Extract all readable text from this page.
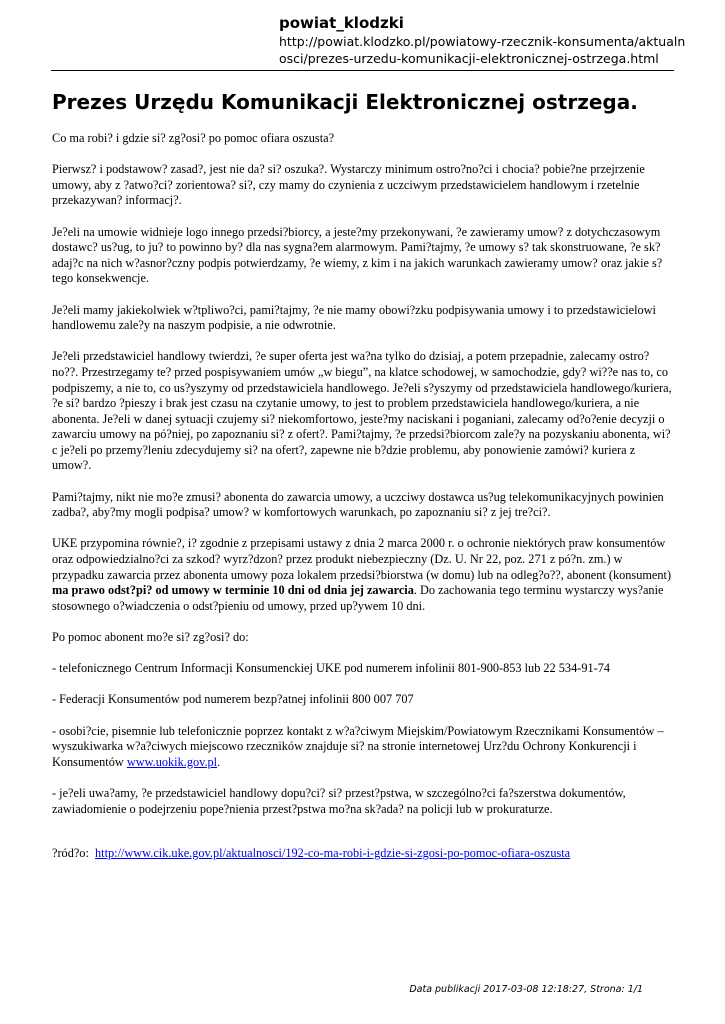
powiat_klodzki
http://powiat.klodzko.pl/powiatowy-rzecznik-konsumenta/aktualnosci/prezes-urzedu-komunikacji-elektronicznej-ostrzega.html
Prezes Urzędu Komunikacji Elektronicznej ostrzega.

Co ma robi? i gdzie si? zg?osi? po pomoc ofiara oszusta?

Pierwsz? i podstawow? zasad?, jest nie da? si? oszuka?. Wystarczy minimum ostro?no?ci i chocia? pobie?ne przejrzenie umowy, aby z ?atwo?ci? zorientowa? si?, czy mamy do czynienia z uczciwym przedstawicielem handlowym i rzetelnie przekazywan? informacj?.

Je?eli na umowie widnieje logo innego przedsi?biorcy, a jeste?my przekonywani, ?e zawieramy umow? z dotychczasowym dostawc? us?ug, to ju? to powinno by? dla nas sygna?em alarmowym. Pami?tajmy, ?e umowy s? tak skonstruowane, ?e sk?adaj?c na nich w?asnor?czny podpis potwierdzamy, ?e wiemy, z kim i na jakich warunkach zawieramy umow? oraz jakie s? tego konsekwencje.

Je?eli mamy jakiekolwiek w?tpliwo?ci, pami?tajmy, ?e nie mamy obowi?zku podpisywania umowy i to przedstawicielowi handlowemu zale?y na naszym podpisie, a nie odwrotnie.

Je?eli przedstawiciel handlowy twierdzi, ?e super oferta jest wa?na tylko do dzisiaj, a potem przepadnie, zalecamy ostro?no??. Przestrzegamy te? przed pospisywaniem umów „w biegu”, na klatce schodowej, w samochodzie, gdy? wi??e nas to, co podpiszemy, a nie to, co us?yszymy od przedstawiciela handlowego. Je?eli s?yszymy od przedstawiciela handlowego/kuriera, ?e si? bardzo ?pieszy i brak jest czasu na czytanie umowy, to jest to problem przedstawiciela handlowego/kuriera, a nie abonenta. Je?eli w danej sytuacji czujemy si? niekomfortowo, jeste?my naciskani i poganiani, zalecamy od?o?enie decyzji o zawarciu umowy na pó?niej, po zapoznaniu si? z ofert?. Pami?tajmy, ?e przedsi?biorcom zale?y na pozyskaniu abonenta, wi?c je?eli po przemy?leniu zdecydujemy si? na ofert?, zapewne nie b?dzie problemu, aby ponowienie zamówi? kuriera z umow?.

Pami?tajmy, nikt nie mo?e zmusi? abonenta do zawarcia umowy, a uczciwy dostawca us?ug telekomunikacyjnych powinien zadba?, aby?my mogli podpisa? umow? w komfortowych warunkach, po zapoznaniu si? z jej tre?ci?.

UKE przypomina równie?, i? zgodnie z przepisami ustawy z dnia 2 marca 2000 r. o ochronie niektórych praw konsumentów oraz odpowiedzialno?ci za szkod? wyrz?dzon? przez produkt niebezpieczny (Dz. U. Nr 22, poz. 271 z pó?n. zm.) w przypadku zawarcia przez abonenta umowy poza lokalem przedsi?biorstwa (w domu) lub na odleg?o??, abonent (konsument) ma prawo odst?pi? od umowy w terminie 10 dni od dnia jej zawarcia. Do zachowania tego terminu wystarczy wys?anie stosownego o?wiadczenia o odst?pieniu od umowy, przed up?ywem 10 dni.

Po pomoc abonent mo?e si? zg?osi? do:

- telefonicznego Centrum Informacji Konsumenckiej UKE pod numerem infolinii 801-900-853 lub 22 534-91-74

- Federacji Konsumentów pod numerem bezp?atnej infolinii 800 007 707

- osobi?cie, pisemnie lub telefonicznie poprzez kontakt z w?a?ciwym Miejskim/Powiatowym Rzecznikami Konsumentów – wyszukiwarka w?a?ciwych miejscowo rzeczników znajduje si? na stronie internetowej Urz?du Ochrony Konkurencji i Konsumentów www.uokik.gov.pl.

- je?eli uwa?amy, ?e przedstawiciel handlowy dopu?ci? si? przest?pstwa, w szczególno?ci fa?szerstwa dokumentów, zawiadomienie o podejrzeniu pope?nienia przest?pstwa mo?na sk?ada? na policji lub w prokuraturze.

?ród?o: http://www.cik.uke.gov.pl/aktualnosci/192-co-ma-robi-i-gdzie-si-zgosi-po-pomoc-ofiara-oszusta
Data publikacji 2017-03-08 12:18:27, Strona: 1/1
